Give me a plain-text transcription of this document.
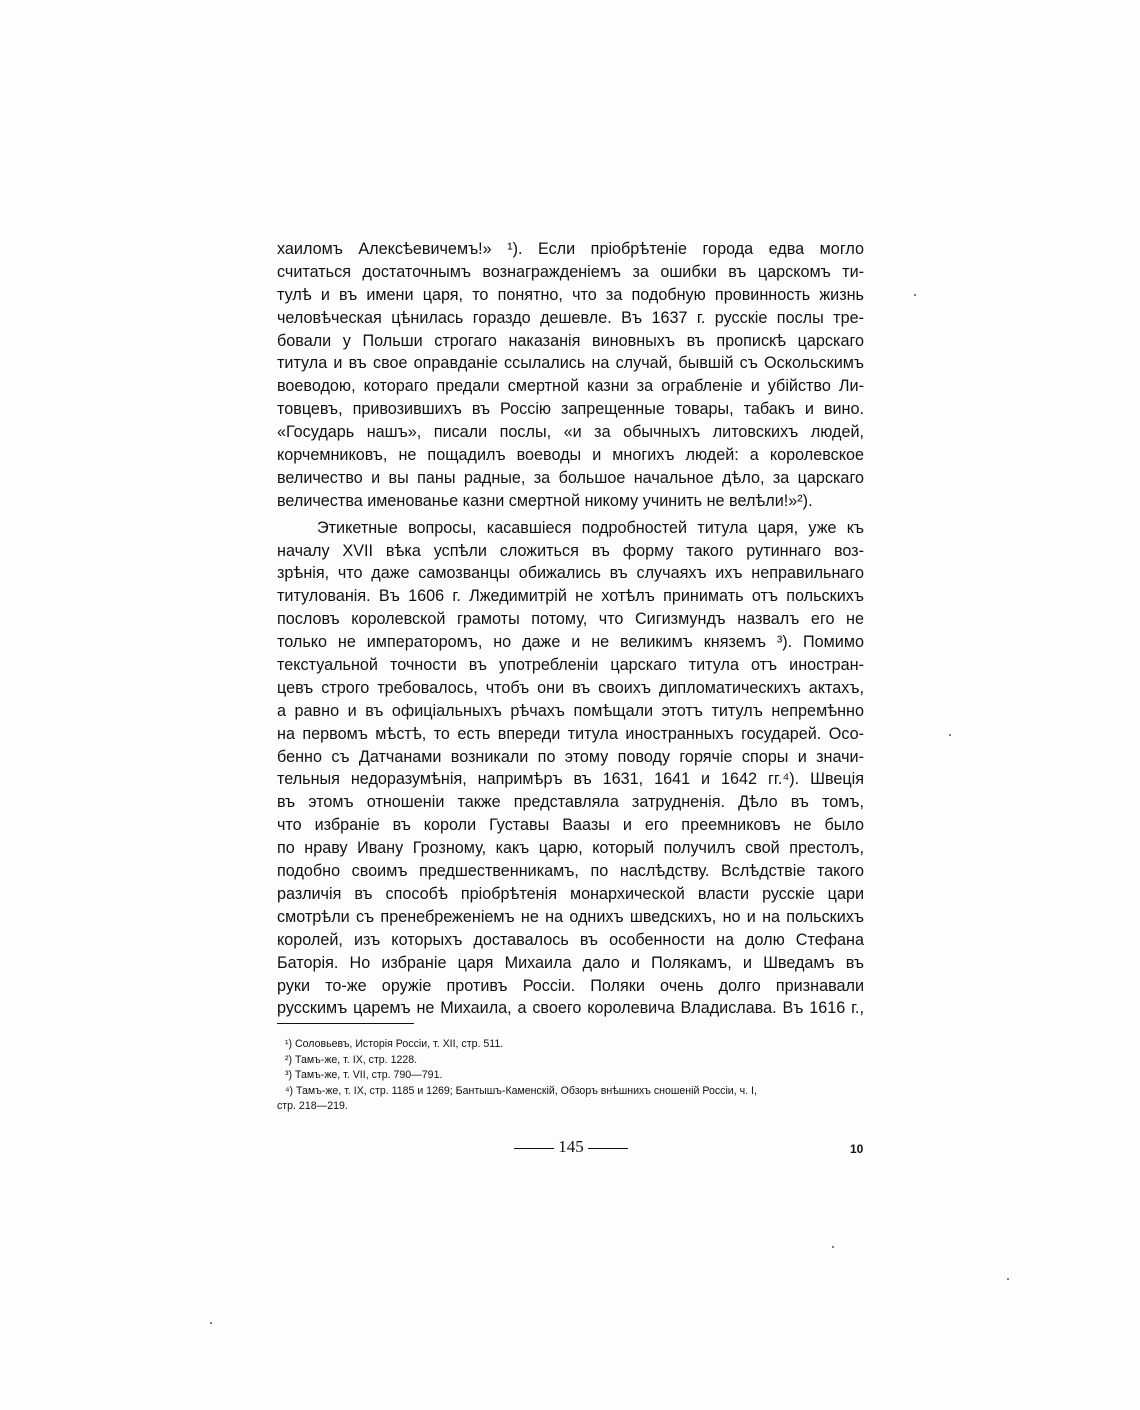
хаиломъ Алексѣевичемъ!» ¹). Если пріобрѣтеніе города едва могло
считаться достаточнымъ вознагражденіемъ за ошибки въ царскомъ ти-
тулѣ и въ имени царя, то понятно, что за подобную провинность жизнь
человѣческая цѣнилась гораздо дешевле. Въ 1637 г. русскіе послы тре-
бовали у Польши строгаго наказанія виновныхъ въ пропискѣ царскаго
титула и въ свое оправданіе ссылались на случай, бывшій съ Оскольскимъ
воеводою, котораго предали смертной казни за ограбленіе и убійство Ли-
товцевъ, привозившихъ въ Россію запрещенные товары, табакъ и вино.
«Государь нашъ», писали послы, «и за обычныхъ литовскихъ людей,
корчемниковъ, не пощадилъ воеводы и многихъ людей: а королевское
величество и вы паны радные, за большое начальное дѣло, за царскаго
величества именованье казни смертной никому учинить не велѣли!»²).
Этикетные вопросы, касавшіеся подробностей титула царя, уже къ
началу XVII вѣка успѣли сложиться въ форму такого рутиннаго воз-
зрѣнія, что даже самозванцы обижались въ случаяхъ ихъ неправильнаго
титулованія. Въ 1606 г. Лжедимитрій не хотѣлъ принимать отъ польскихъ
пословъ королевской грамоты потому, что Сигизмундъ назвалъ его не
только не императоромъ, но даже и не великимъ княземъ ³). Помимо
текстуальной точности въ употребленіи царскаго титула отъ иностран-
цевъ строго требовалось, чтобъ они въ своихъ дипломатическихъ актахъ,
а равно и въ офиціальныхъ рѣчахъ помѣщали этотъ титулъ непремѣнно
на первомъ мѣстѣ, то есть впереди титула иностранныхъ государей. Осо-
бенно съ Датчанами возникали по этому поводу горячіе споры и значи-
тельныя недоразумѣнія, напримѣръ въ 1631, 1641 и 1642 гг.⁴). Швеція
въ этомъ отношеніи также представляла затрудненія. Дѣло въ томъ,
что избраніе въ короли Густавы Ваазы и его преемниковъ не было
по нраву Ивану Грозному, какъ царю, который получилъ свой престолъ,
подобно своимъ предшественникамъ, по наслѣдству. Вслѣдствіе такого
различія въ способѣ пріобрѣтенія монархической власти русскіе цари
смотрѣли съ пренебреженіемъ не на однихъ шведскихъ, но и на польскихъ
королей, изъ которыхъ доставалось въ особенности на долю Стефана
Баторія. Но избраніе царя Михаила дало и Полякамъ, и Шведамъ въ
руки то-же оружіе противъ Россіи. Поляки очень долго признавали
русскимъ царемъ не Михаила, а своего королевича Владислава. Въ 1616 г.,
¹) Соловьевъ, Исторія Россіи, т. XII, стр. 511.
²) Тамъ-же, т. IX, стр. 1228.
³) Тамъ-же, т. VII, стр. 790—791.
⁴) Тамъ-же, т. IX, стр. 1185 и 1269; Бантышъ-Каменскій, Обзоръ внѣшнихъ сношеній Россіи, ч. I,
стр. 218—219.
145	10
